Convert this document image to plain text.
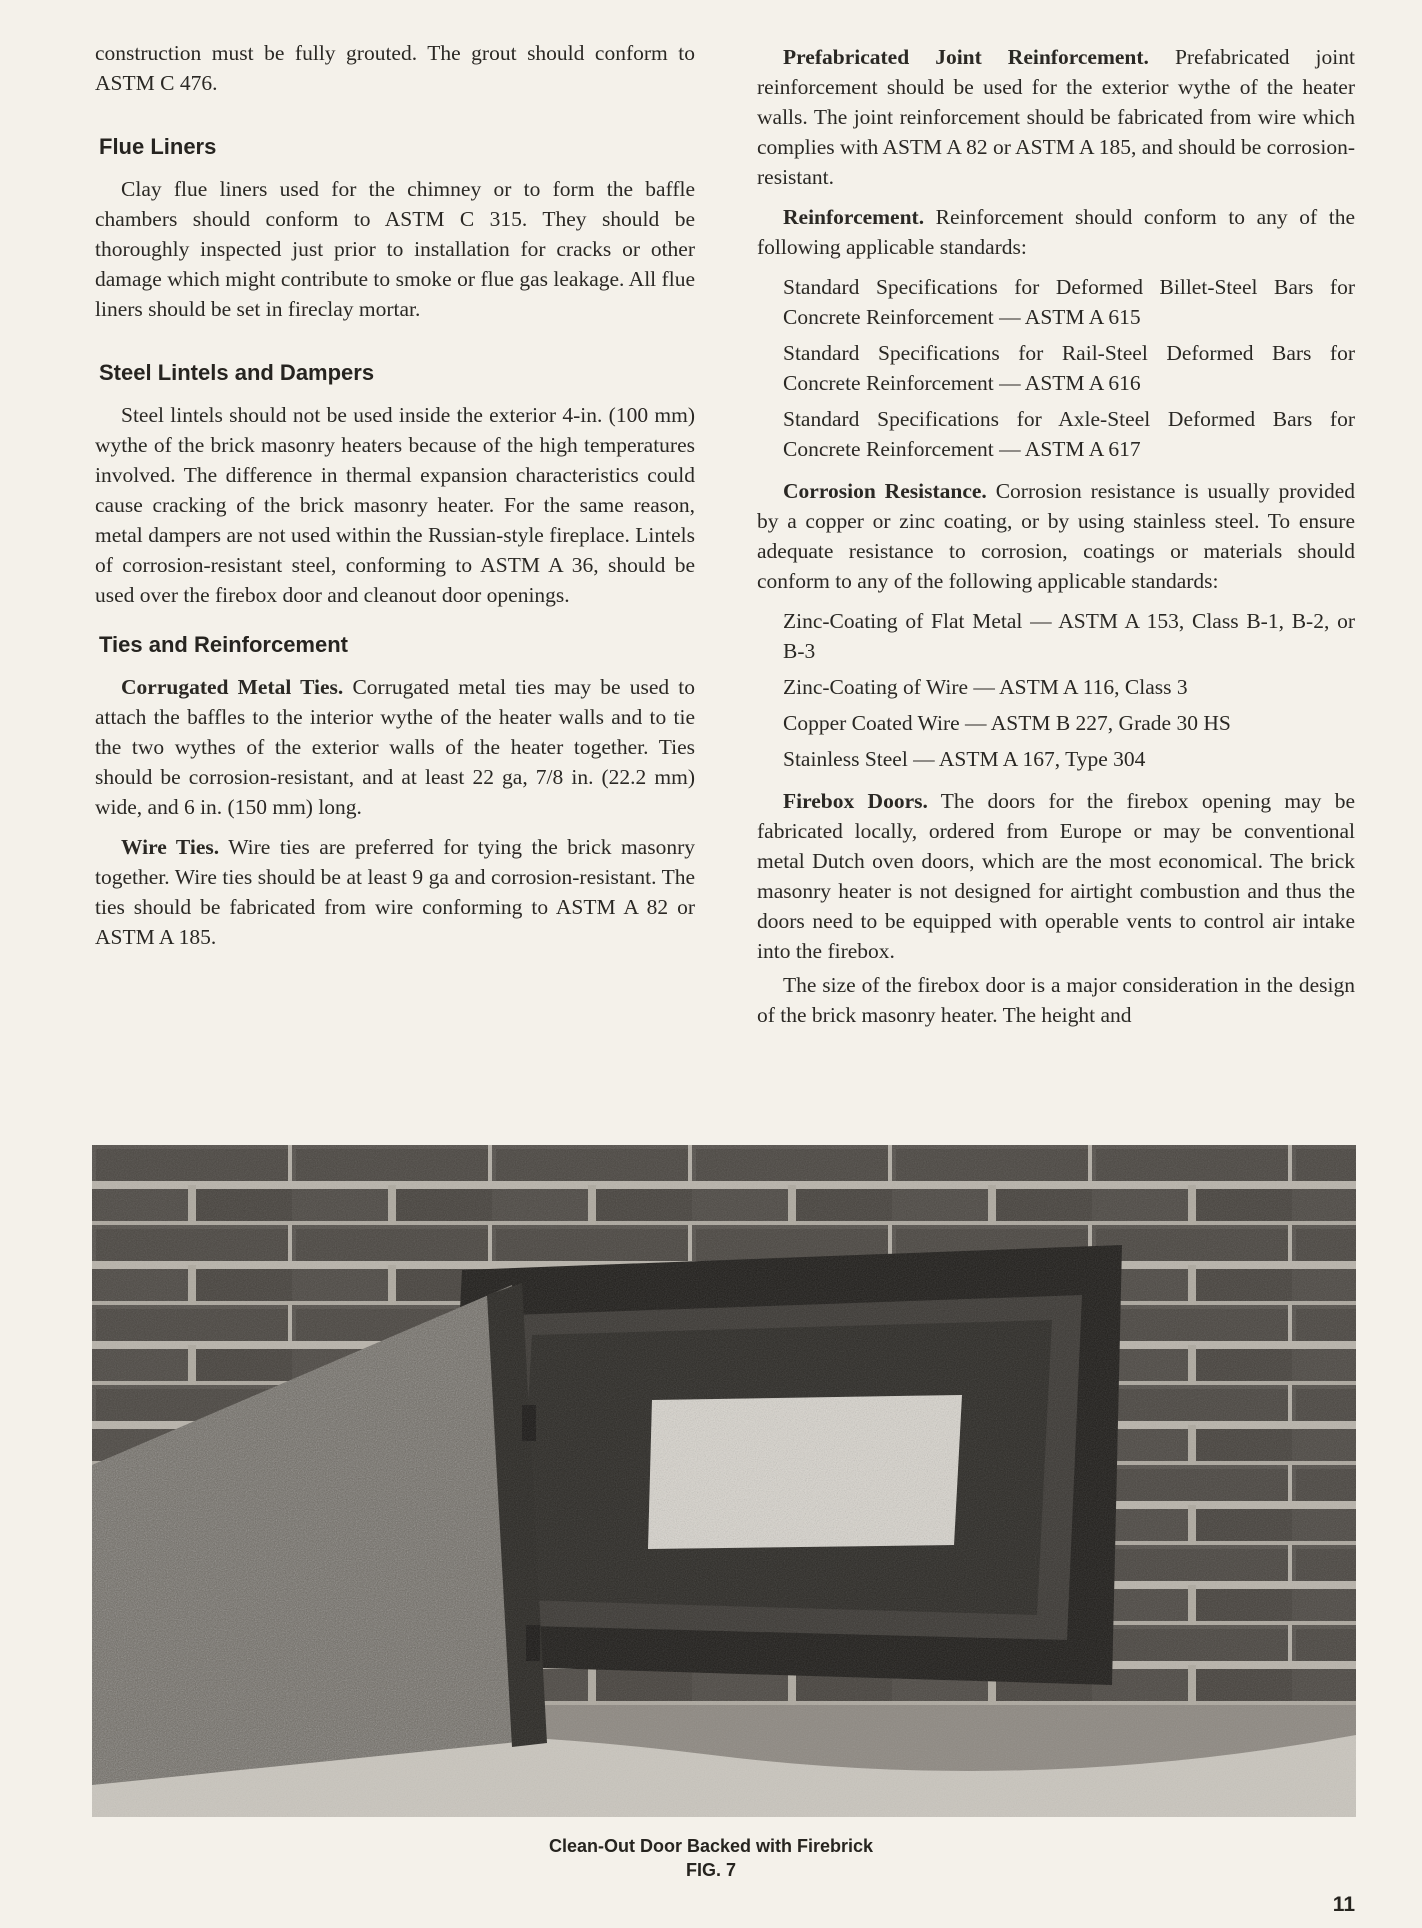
construction must be fully grouted. The grout should conform to ASTM C 476.

Flue Liners

Clay flue liners used for the chimney or to form the baffle chambers should conform to ASTM C 315. They should be thoroughly inspected just prior to installation for cracks or other damage which might contribute to smoke or flue gas leakage. All flue liners should be set in fireclay mortar.

Steel Lintels and Dampers

Steel lintels should not be used inside the exterior 4-in. (100 mm) wythe of the brick masonry heaters because of the high temperatures involved. The difference in thermal expansion characteristics could cause cracking of the brick masonry heater. For the same reason, metal dampers are not used within the Russian-style fireplace. Lintels of corrosion-resistant steel, conforming to ASTM A 36, should be used over the firebox door and cleanout door openings.

Ties and Reinforcement

Corrugated Metal Ties. Corrugated metal ties may be used to attach the baffles to the interior wythe of the heater walls and to tie the two wythes of the exterior walls of the heater together. Ties should be corrosion-resistant, and at least 22 ga, 7/8 in. (22.2 mm) wide, and 6 in. (150 mm) long.

Wire Ties. Wire ties are preferred for tying the brick masonry together. Wire ties should be at least 9 ga and corrosion-resistant. The ties should be fabricated from wire conforming to ASTM A 82 or ASTM A 185.

Prefabricated Joint Reinforcement. Prefabricated joint reinforcement should be used for the exterior wythe of the heater walls. The joint reinforcement should be fabricated from wire which complies with ASTM A 82 or ASTM A 185, and should be corrosion-resistant.

Reinforcement. Reinforcement should conform to any of the following applicable standards:

Standard Specifications for Deformed Billet-Steel Bars for Concrete Reinforcement — ASTM A 615

Standard Specifications for Rail-Steel Deformed Bars for Concrete Reinforcement — ASTM A 616

Standard Specifications for Axle-Steel Deformed Bars for Concrete Reinforcement — ASTM A 617

Corrosion Resistance. Corrosion resistance is usually provided by a copper or zinc coating, or by using stainless steel. To ensure adequate resistance to corrosion, coatings or materials should conform to any of the following applicable standards:

Zinc-Coating of Flat Metal — ASTM A 153, Class B-1, B-2, or B-3

Zinc-Coating of Wire — ASTM A 116, Class 3

Copper Coated Wire — ASTM B 227, Grade 30 HS

Stainless Steel — ASTM A 167, Type 304

Firebox Doors. The doors for the firebox opening may be fabricated locally, ordered from Europe or may be conventional metal Dutch oven doors, which are the most economical. The brick masonry heater is not designed for airtight combustion and thus the doors need to be equipped with operable vents to control air intake into the firebox.

The size of the firebox door is a major consideration in the design of the brick masonry heater. The height and

Clean-Out Door Backed with Firebrick
FIG. 7
11
